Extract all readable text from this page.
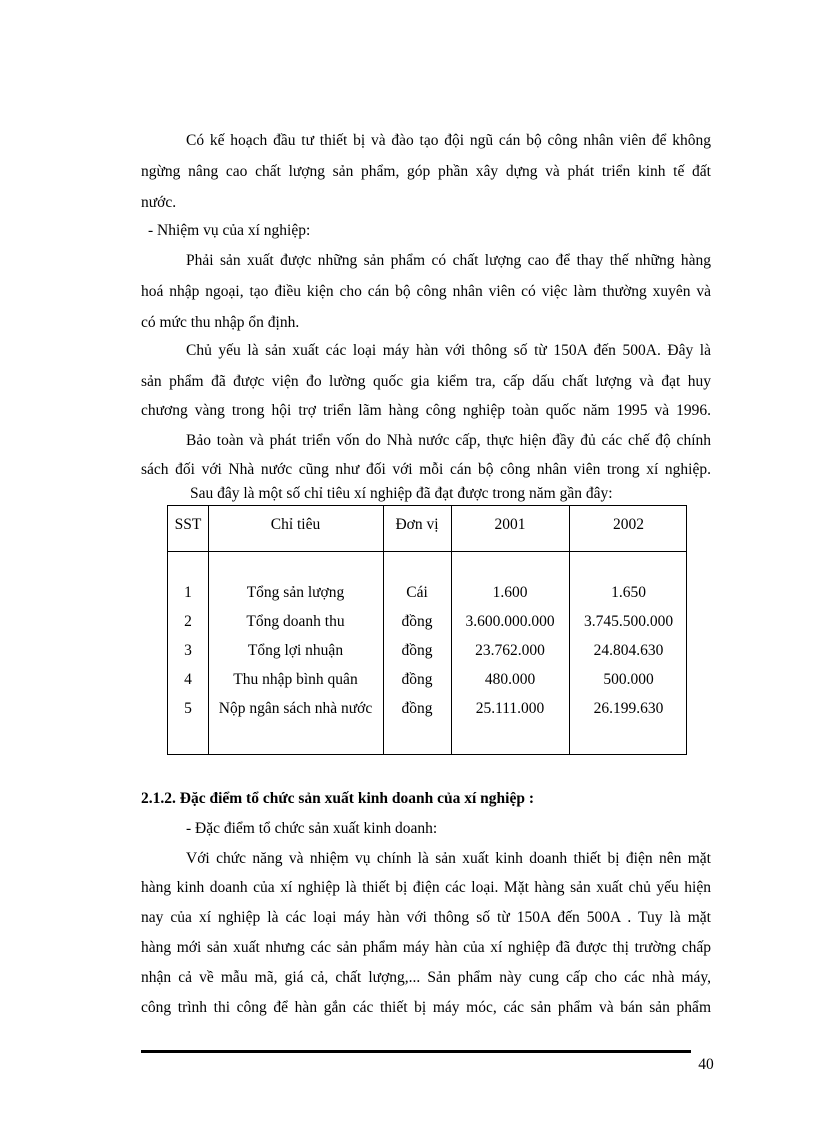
Có kế hoạch đầu tư thiết bị và đào tạo đội ngũ cán bộ công nhân viên để không
ngừng nâng cao chất lượng sản phẩm, góp phần xây dựng và phát triển kinh tế đất
nước.
- Nhiệm vụ của xí nghiệp:
Phải sản xuất được những sản phẩm có chất lượng cao để thay thế những hàng
hoá nhập ngoại, tạo điều kiện cho cán bộ công nhân viên có việc làm thường xuyên và
có mức thu nhập ổn định.
Chủ yếu là sản xuất các loại máy hàn với thông số từ 150A đến 500A. Đây là
sản phẩm đã được viện đo lường quốc gia kiểm tra, cấp dấu chất lượng và đạt huy
chương vàng trong hội trợ triển lãm hàng công nghiệp toàn quốc năm 1995 và 1996.
Bảo toàn và phát triển vốn do Nhà nước cấp, thực hiện đầy đủ các chế độ chính
sách đối với Nhà nước cũng như đối với mỗi cán bộ công nhân viên trong xí nghiệp.
Sau đây là một số chỉ tiêu xí nghiệp đã đạt được trong năm gần đây:
SST	Chỉ tiêu	Đơn vị	2001	2002
1	Tổng sản lượng	Cái	1.600	1.650
2	Tổng doanh thu	đồng	3.600.000.000	3.745.500.000
3	Tổng lợi nhuận	đồng	23.762.000	24.804.630
4	Thu nhập bình quân	đồng	480.000	500.000
5	Nộp ngân sách nhà nước	đồng	25.111.000	26.199.630
2.1.2. Đặc điểm tổ chức sản xuất kinh doanh của xí nghiệp :
- Đặc điểm tổ chức sản xuất kinh doanh:
Với chức năng và nhiệm vụ chính là sản xuất kinh doanh thiết bị điện nên mặt
hàng kinh doanh của xí nghiệp là thiết bị điện các loại. Mặt hàng sản xuất chủ yếu hiện
nay của xí nghiệp là các loại máy hàn với thông số từ 150A đến 500A . Tuy là mặt
hàng mới sản xuất nhưng các sản phẩm máy hàn của xí nghiệp đã được thị trường chấp
nhận cả về mẫu mã, giá cả, chất lượng,... Sản phẩm này cung cấp cho các nhà máy,
công trình thi công để hàn gắn các thiết bị máy móc, các sản phẩm và bán sản phẩm
40
